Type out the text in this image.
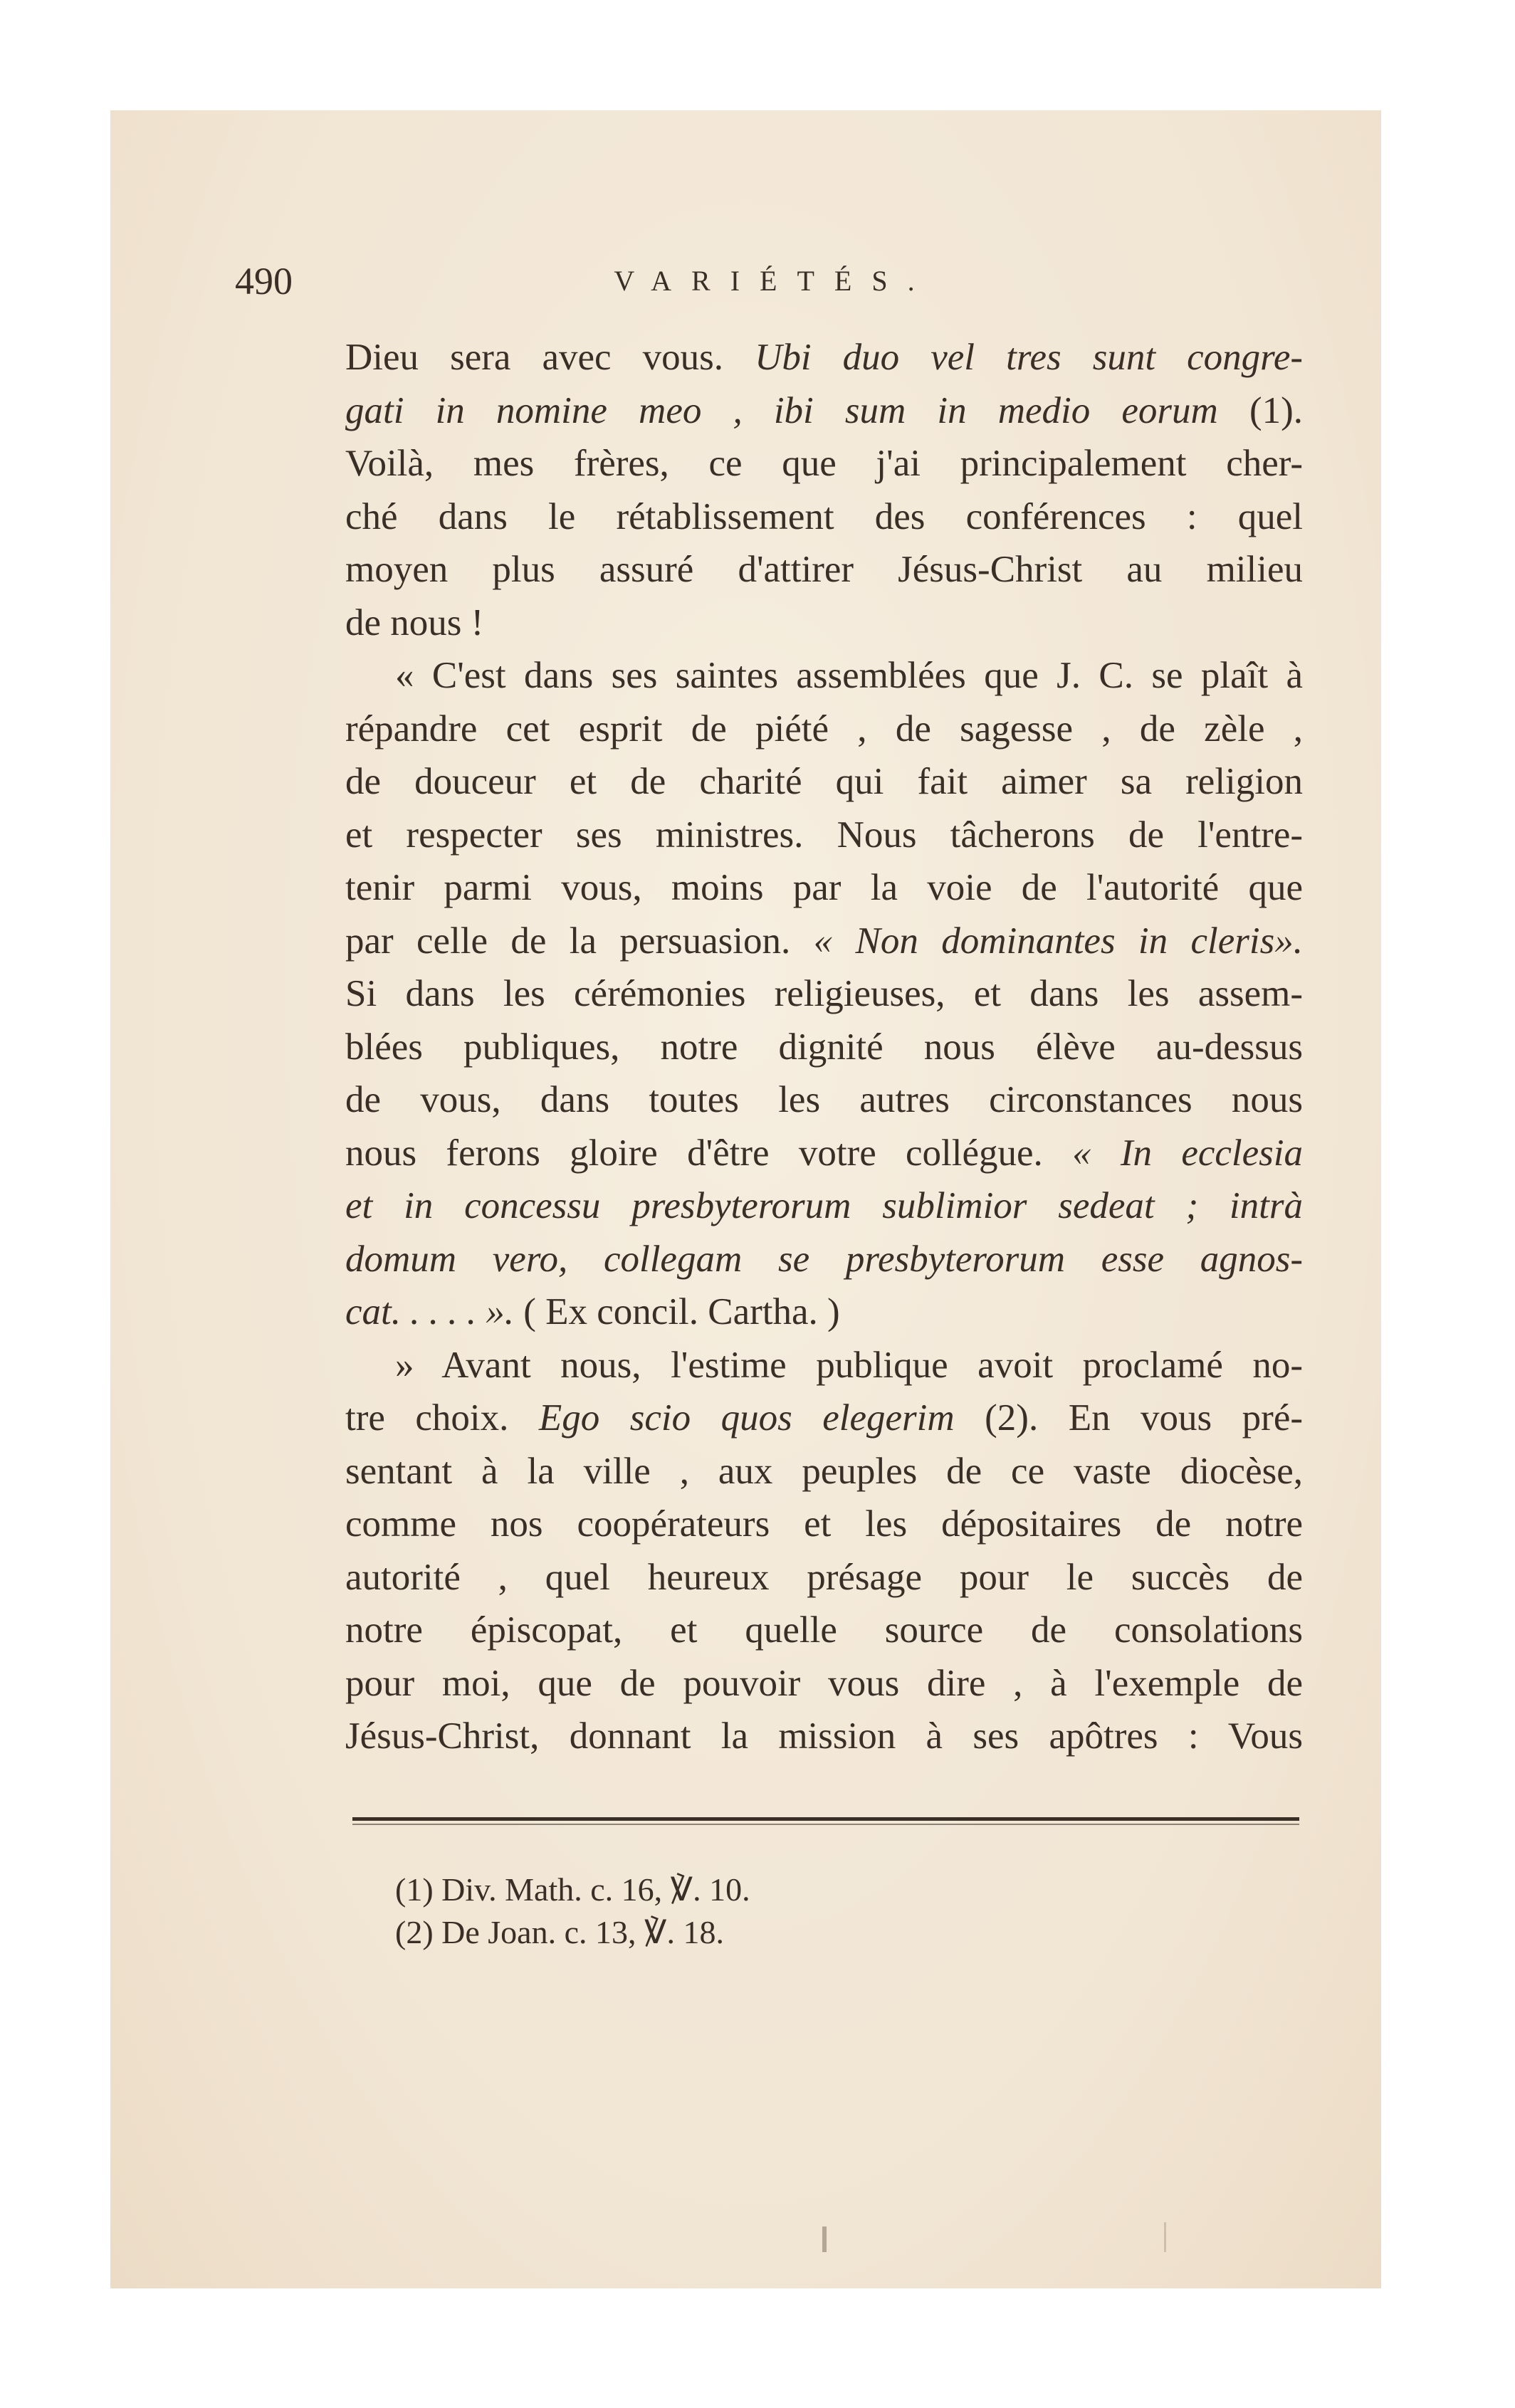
490	VARIÉTÉS.

Dieu sera avec vous. Ubi duo vel tres sunt congre-
gati in nomine meo , ibi sum in medio eorum (1).
Voilà, mes frères, ce que j'ai principalement cher-
ché dans le rétablissement des conférences : quel
moyen plus assuré d'attirer Jésus-Christ au milieu
de nous !

« C'est dans ses saintes assemblées que J. C. se plaît à
répandre cet esprit de piété , de sagesse , de zèle ,
de douceur et de charité qui fait aimer sa religion
et respecter ses ministres. Nous tâcherons de l'entre-
tenir parmi vous, moins par la voie de l'autorité que
par celle de la persuasion. « Non dominantes in cleris».
Si dans les cérémonies religieuses, et dans les assem-
blées publiques, notre dignité nous élève au-dessus
de vous, dans toutes les autres circonstances nous
nous ferons gloire d'être votre collégue. « In ecclesia
et in concessu presbyterorum sublimior sedeat ; intrà
domum vero, collegam se presbyterorum esse agnos-
cat. . . . . ». ( Ex concil. Cartha. )

» Avant nous, l'estime publique avoit proclamé no-
tre choix. Ego scio quos elegerim (2). En vous pré-
sentant à la ville , aux peuples de ce vaste diocèse,
comme nos coopérateurs et les dépositaires de notre
autorité , quel heureux présage pour le succès de
notre épiscopat, et quelle source de consolations
pour moi, que de pouvoir vous dire , à l'exemple de
Jésus-Christ, donnant la mission à ses apôtres : Vous

(1) Div. Math. c. 16, ℣. 10.
(2) De Joan. c. 13, ℣. 18.
